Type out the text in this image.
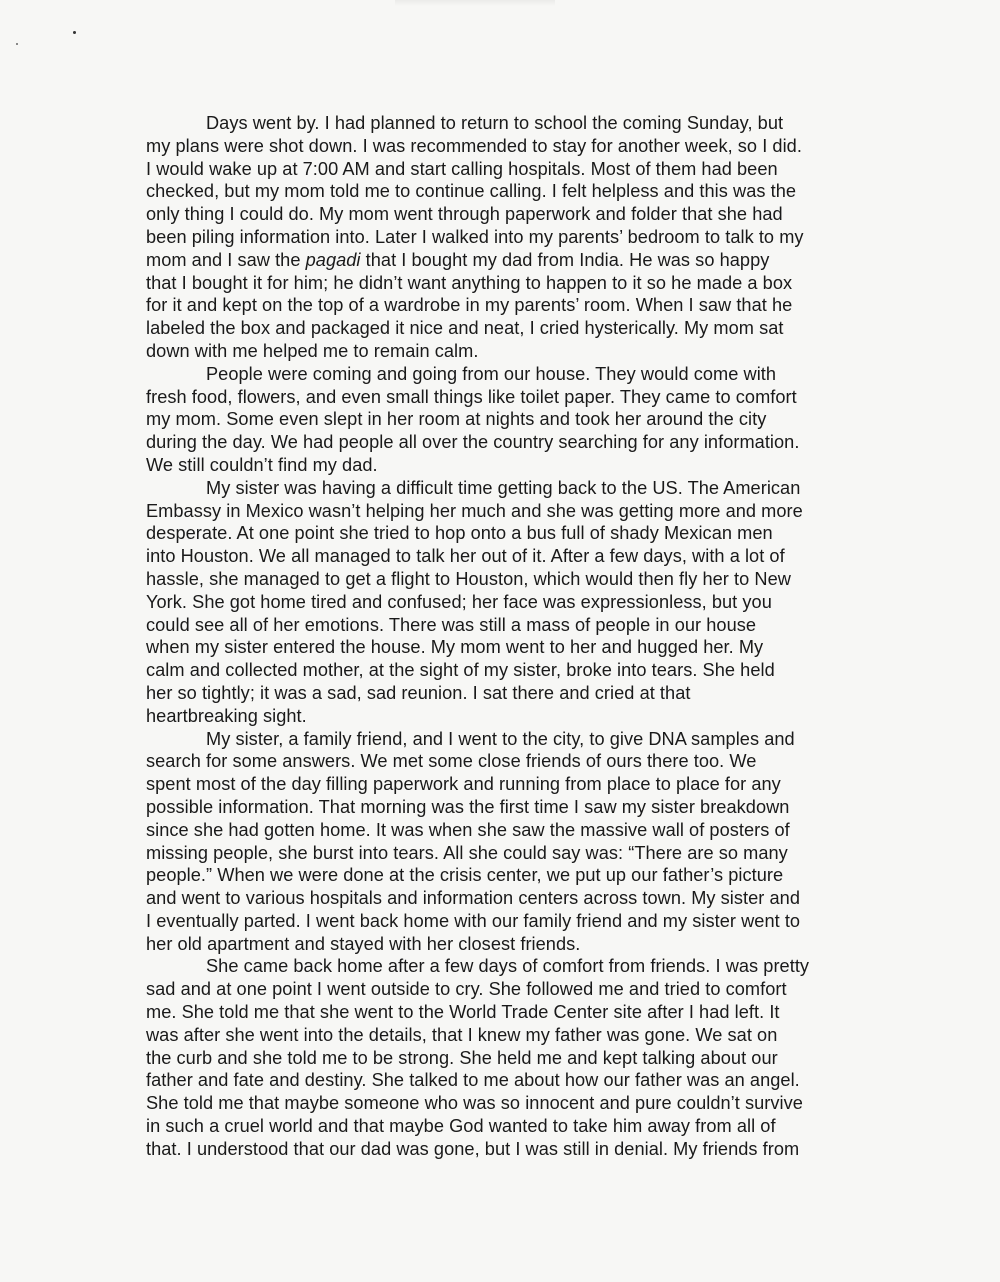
Days went by. I had planned to return to school the coming Sunday, but
my plans were shot down. I was recommended to stay for another week, so I did.
I would wake up at 7:00 AM and start calling hospitals. Most of them had been
checked, but my mom told me to continue calling. I felt helpless and this was the
only thing I could do. My mom went through paperwork and folder that she had
been piling information into. Later I walked into my parents’ bedroom to talk to my
mom and I saw the pagadi that I bought my dad from India. He was so happy
that I bought it for him; he didn’t want anything to happen to it so he made a box
for it and kept on the top of a wardrobe in my parents’ room. When I saw that he
labeled the box and packaged it nice and neat, I cried hysterically. My mom sat
down with me helped me to remain calm.
People were coming and going from our house. They would come with
fresh food, flowers, and even small things like toilet paper. They came to comfort
my mom. Some even slept in her room at nights and took her around the city
during the day. We had people all over the country searching for any information.
We still couldn’t find my dad.
My sister was having a difficult time getting back to the US. The American
Embassy in Mexico wasn’t helping her much and she was getting more and more
desperate. At one point she tried to hop onto a bus full of shady Mexican men
into Houston. We all managed to talk her out of it. After a few days, with a lot of
hassle, she managed to get a flight to Houston, which would then fly her to New
York. She got home tired and confused; her face was expressionless, but you
could see all of her emotions. There was still a mass of people in our house
when my sister entered the house. My mom went to her and hugged her. My
calm and collected mother, at the sight of my sister, broke into tears. She held
her so tightly; it was a sad, sad reunion. I sat there and cried at that
heartbreaking sight.
My sister, a family friend, and I went to the city, to give DNA samples and
search for some answers. We met some close friends of ours there too. We
spent most of the day filling paperwork and running from place to place for any
possible information. That morning was the first time I saw my sister breakdown
since she had gotten home. It was when she saw the massive wall of posters of
missing people, she burst into tears. All she could say was: “There are so many
people.” When we were done at the crisis center, we put up our father’s picture
and went to various hospitals and information centers across town. My sister and
I eventually parted. I went back home with our family friend and my sister went to
her old apartment and stayed with her closest friends.
She came back home after a few days of comfort from friends. I was pretty
sad and at one point I went outside to cry. She followed me and tried to comfort
me. She told me that she went to the World Trade Center site after I had left. It
was after she went into the details, that I knew my father was gone. We sat on
the curb and she told me to be strong. She held me and kept talking about our
father and fate and destiny. She talked to me about how our father was an angel.
She told me that maybe someone who was so innocent and pure couldn’t survive
in such a cruel world and that maybe God wanted to take him away from all of
that. I understood that our dad was gone, but I was still in denial. My friends from
